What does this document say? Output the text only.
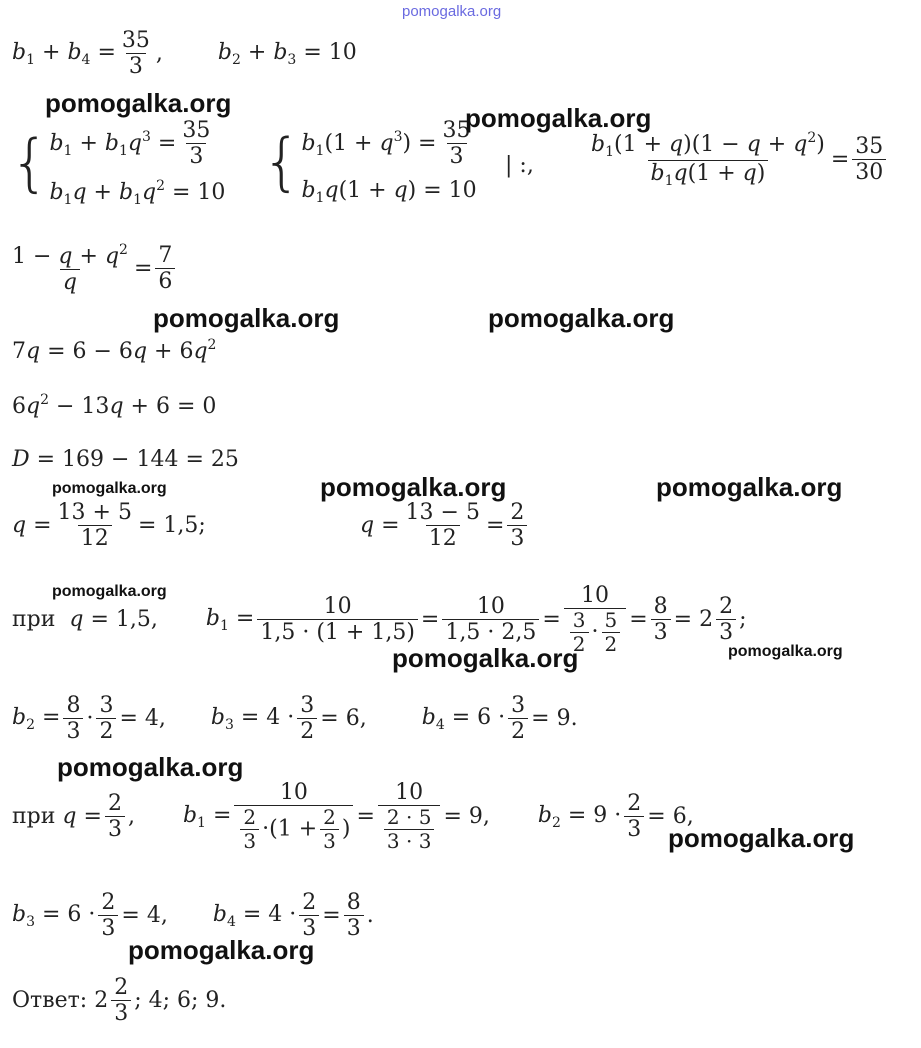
pomogalka.org
$b_1 + b_4 = \frac{35}{3}$ ,	$b_2 + b_3 = 10$
{ $b_1 + b_1q^3 = \frac{35}{3}$
$b_1q + b_1q^2 = 10$ { $b_1(1 + q^3) = \frac{35}{3}$
$b_1q(1 + q) = 10$
| :, $\frac{b_1(1 + q)(1 - q + q^2)}{b_1q(1 + q)} = \frac{35}{30}$
$\frac{1 - q + q^2}{q} = \frac{7}{6}$
$7q = 6 - 6q + 6q^2$
$6q^2 - 13q + 6 = 0$
D = 169 − 144 = 25
$q = \frac{13 + 5}{12} = 1,5$;	$q = \frac{13 - 5}{12} = \frac{2}{3}$
при q = 1,5, $b_1 = \frac{10}{1,5 \cdot (1 + 1,5)} = \frac{10}{1,5 \cdot 2,5} = \frac{10}{\frac{3}{2} \cdot \frac{5}{2}} = \frac{8}{3} = 2 \frac{2}{3}$ ;
$b_2 = \frac{8}{3} \cdot \frac{3}{2} = 4$, $b_3 = 4 \cdot \frac{3}{2} = 6$,	$b_4 = 6 \cdot \frac{3}{2} = 9$.
при $q = \frac{2}{3}$ , $b_1 = \frac{10}{\frac{2}{3} \cdot(1 + \frac{2}{3} )} = \frac{10}{\frac{2 \cdot 5}{3 \cdot 3}} = 9$, $b_2 = 9 \cdot \frac{2}{3} = 6$,
$b_3 = 6 \cdot \frac{2}{3} = 4$, $b_4 = 4 \cdot \frac{2}{3} = \frac{8}{3}$ .
Ответ: $2 \frac{2}{3}$ ; 4; 6; 9.
pomogalka.org	pomogalka.org
pomogalka.org	pomogalka.org
pomogalka.org	pomogalka.org	pomogalka.org
pomogalka.org
pomogalka.org	pomogalka.org
pomogalka.org
pomogalka.org
pomogalka.org
